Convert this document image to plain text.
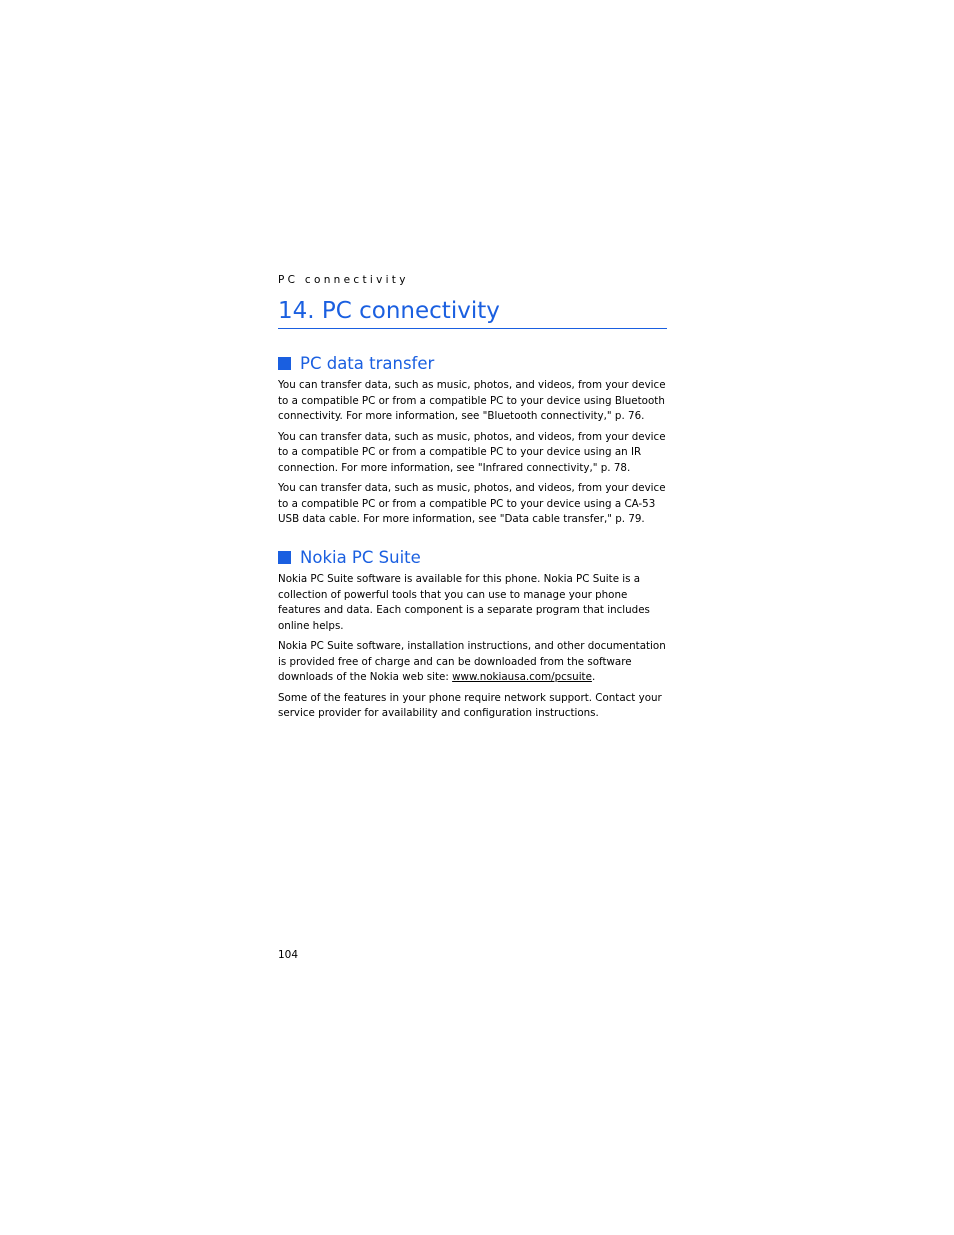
PC connectivity
14. PC connectivity
PC data transfer

You can transfer data, such as music, photos, and videos, from your device to a compatible PC or from a compatible PC to your device using Bluetooth connectivity. For more information, see "Bluetooth connectivity," p. 76.

You can transfer data, such as music, photos, and videos, from your device to a compatible PC or from a compatible PC to your device using an IR connection. For more information, see "Infrared connectivity," p. 78.

You can transfer data, such as music, photos, and videos, from your device to a compatible PC or from a compatible PC to your device using a CA-53 USB data cable. For more information, see "Data cable transfer," p. 79.

Nokia PC Suite

Nokia PC Suite software is available for this phone. Nokia PC Suite is a collection of powerful tools that you can use to manage your phone features and data. Each component is a separate program that includes online helps.

Nokia PC Suite software, installation instructions, and other documentation is provided free of charge and can be downloaded from the software downloads of the Nokia web site: www.nokiausa.com/pcsuite.

Some of the features in your phone require network support. Contact your service provider for availability and configuration instructions.

104
